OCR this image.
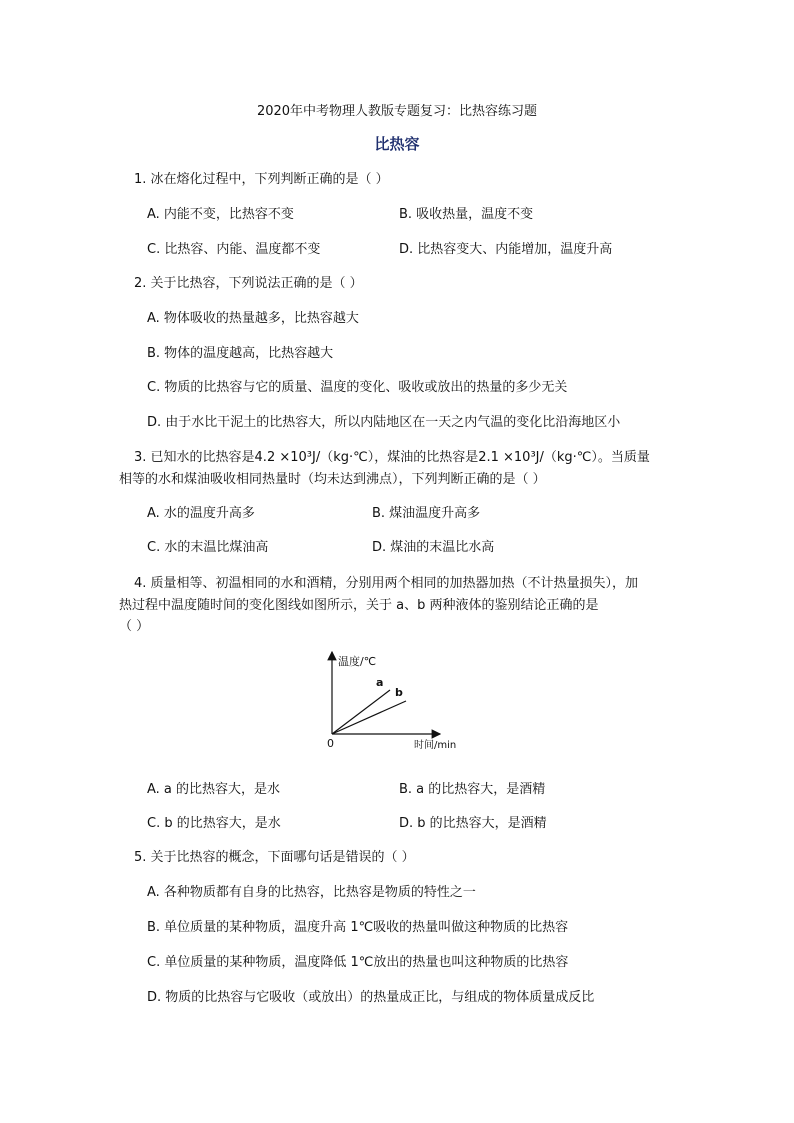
2020年中考物理人教版专题复习：比热容练习题
比热容
1. 冰在熔化过程中，下列判断正确的是（ ）
A. 内能不变，比热容不变	B. 吸收热量，温度不变
C. 比热容、内能、温度都不变	D. 比热容变大、内能增加，温度升高
2. 关于比热容，下列说法正确的是（ ）
A. 物体吸收的热量越多，比热容越大
B. 物体的温度越高，比热容越大
C. 物质的比热容与它的质量、温度的变化、吸收或放出的热量的多少无关
D. 由于水比干泥土的比热容大，所以内陆地区在一天之内气温的变化比沿海地区小
3. 已知水的比热容是4.2 ×10³J/（kg·℃），煤油的比热容是2.1 ×10³J/（kg·℃）。当质量
相等的水和煤油吸收相同热量时（均未达到沸点），下列判断正确的是（ ）
A. 水的温度升高多	B. 煤油温度升高多
C. 水的末温比煤油高	D. 煤油的末温比水高
4. 质量相等、初温相同的水和酒精，分别用两个相同的加热器加热（不计热量损失），加
热过程中温度随时间的变化图线如图所示，关于 a、b 两种液体的鉴别结论正确的是
（ ）
温度/℃
时间/min
0
a
b
A. a 的比热容大，是水	B. a 的比热容大，是酒精
C. b 的比热容大，是水	D. b 的比热容大，是酒精
5. 关于比热容的概念，下面哪句话是错误的（ ）
A. 各种物质都有自身的比热容，比热容是物质的特性之一
B. 单位质量的某种物质，温度升高 1℃吸收的热量叫做这种物质的比热容
C. 单位质量的某种物质，温度降低 1℃放出的热量也叫这种物质的比热容
D. 物质的比热容与它吸收（或放出）的热量成正比，与组成的物体质量成反比
